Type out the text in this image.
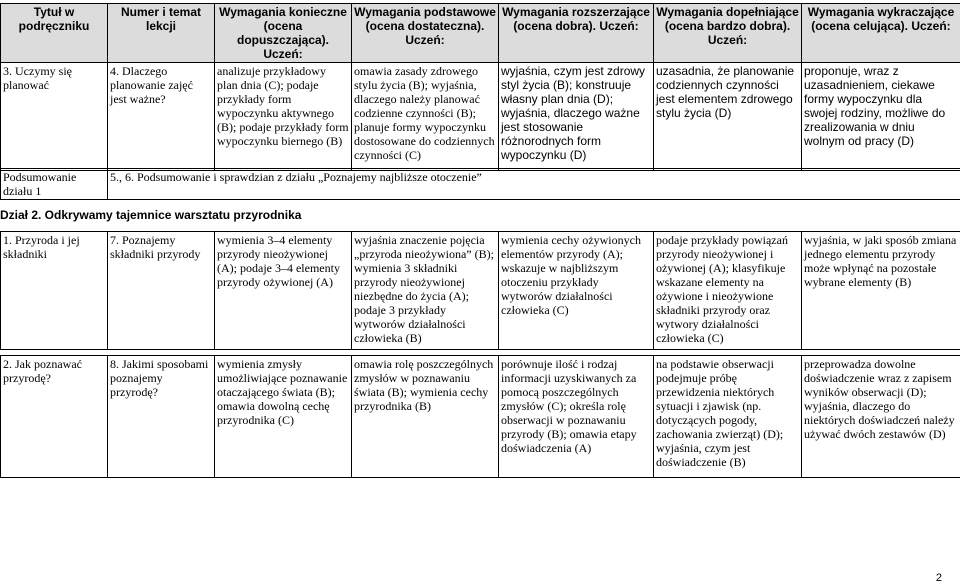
Tytuł w podręczniku	Numer i temat lekcji	Wymagania konieczne (ocena dopuszczająca). Uczeń:	Wymagania podstawowe (ocena dostateczna). Uczeń:	Wymagania rozszerzające (ocena dobra). Uczeń:	Wymagania dopełniające (ocena bardzo dobra). Uczeń:	Wymagania wykraczające (ocena celująca). Uczeń:
3. Uczymy się planować	4. Dlaczego planowanie zajęć jest ważne?	analizuje przykładowy plan dnia (C); podaje przykłady form wypoczynku aktywnego (B); podaje przykłady form wypoczynku biernego (B)	omawia zasady zdrowego stylu życia (B); wyjaśnia, dlaczego należy planować codzienne czynności (B); planuje formy wypoczynku dostosowane do codziennych czynności (C)	wyjaśnia, czym jest zdrowy styl życia (B); konstruuje własny plan dnia (D); wyjaśnia, dlaczego ważne jest stosowanie różnorodnych form wypoczynku (D)	uzasadnia, że planowanie codziennych czynności jest elementem zdrowego stylu życia (D)	proponuje, wraz z uzasadnieniem, ciekawe formy wypoczynku dla swojej rodziny, możliwe do zrealizowania w dniu wolnym od pracy (D)
Podsumowanie działu 1	5., 6. Podsumowanie i sprawdzian z działu „Poznajemy najbliższe otoczenie”
Dział 2. Odkrywamy tajemnice warsztatu przyrodnika
1. Przyroda i jej składniki	7. Poznajemy składniki przyrody	wymienia 3–4 elementy przyrody nieożywionej (A); podaje 3–4 elementy przyrody ożywionej (A)	wyjaśnia znaczenie pojęcia „przyroda nieożywiona” (B); wymienia 3 składniki przyrody nieożywionej niezbędne do życia (A); podaje 3 przykłady wytworów działalności człowieka (B)	wymienia cechy ożywionych elementów przyrody (A); wskazuje w najbliższym otoczeniu przykłady wytworów działalności człowieka (C)	podaje przykłady powiązań przyrody nieożywionej i ożywionej (A); klasyfikuje wskazane elementy na ożywione i nieożywione składniki przyrody oraz wytwory działalności człowieka (C)	wyjaśnia, w jaki sposób zmiana jednego elementu przyrody może wpłynąć na pozostałe wybrane elementy (B)
2. Jak poznawać przyrodę?	8. Jakimi sposobami poznajemy przyrodę?	wymienia zmysły umożliwiające poznawanie otaczającego świata (B); omawia dowolną cechę przyrodnika (C)	omawia rolę poszczególnych zmysłów w poznawaniu świata (B); wymienia cechy przyrodnika (B)	porównuje ilość i rodzaj informacji uzyskiwanych za pomocą poszczególnych zmysłów (C); określa rolę obserwacji w poznawaniu przyrody (B); omawia etapy doświadczenia (A)	na podstawie obserwacji podejmuje próbę przewidzenia niektórych sytuacji i zjawisk (np. dotyczących pogody, zachowania zwierząt) (D); wyjaśnia, czym jest doświadczenie (B)	przeprowadza dowolne doświadczenie wraz z zapisem wyników obserwacji (D); wyjaśnia, dlaczego do niektórych doświadczeń należy używać dwóch zestawów (D)
2
